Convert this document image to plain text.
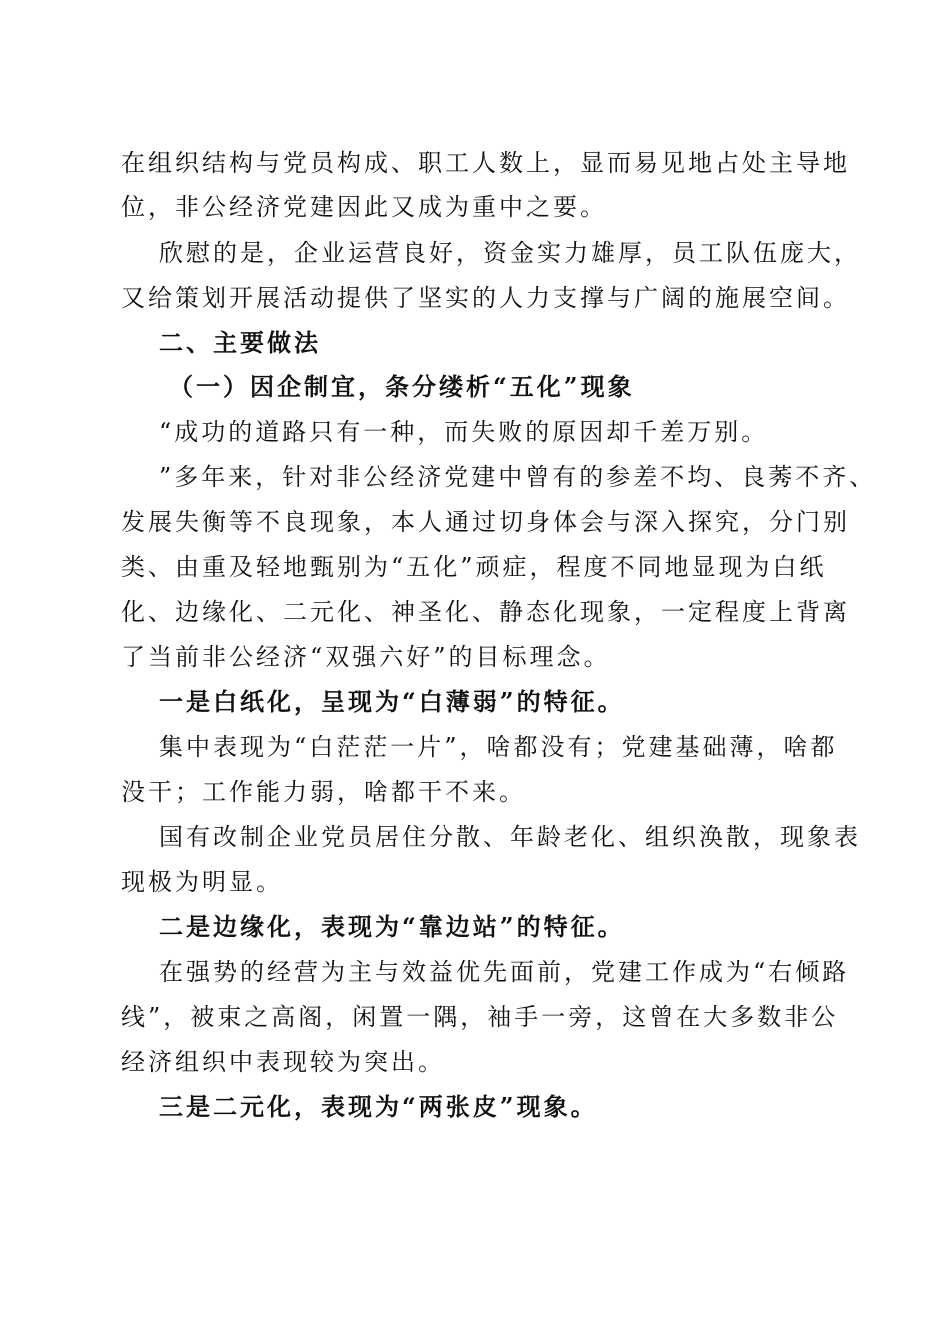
在组织结构与党员构成、职工人数上，显而易见地占处主导地
位，非公经济党建因此又成为重中之要。
欣慰的是，企业运营良好，资金实力雄厚，员工队伍庞大，
又给策划开展活动提供了坚实的人力支撑与广阔的施展空间。
二、主要做法
（一）因企制宜，条分缕析“五化”现象
“成功的道路只有一种，而失败的原因却千差万别。
”多年来，针对非公经济党建中曾有的参差不均、良莠不齐、
发展失衡等不良现象，本人通过切身体会与深入探究，分门别
类、由重及轻地甄别为“五化”顽症，程度不同地显现为白纸
化、边缘化、二元化、神圣化、静态化现象，一定程度上背离
了当前非公经济“双强六好”的目标理念。
一是白纸化，呈现为“白薄弱”的特征。
集中表现为“白茫茫一片”，啥都没有；党建基础薄，啥都
没干；工作能力弱，啥都干不来。
国有改制企业党员居住分散、年龄老化、组织涣散，现象表
现极为明显。
二是边缘化，表现为“靠边站”的特征。
在强势的经营为主与效益优先面前，党建工作成为“右倾路
线”，被束之高阁，闲置一隅，袖手一旁，这曾在大多数非公
经济组织中表现较为突出。
三是二元化，表现为“两张皮”现象。
